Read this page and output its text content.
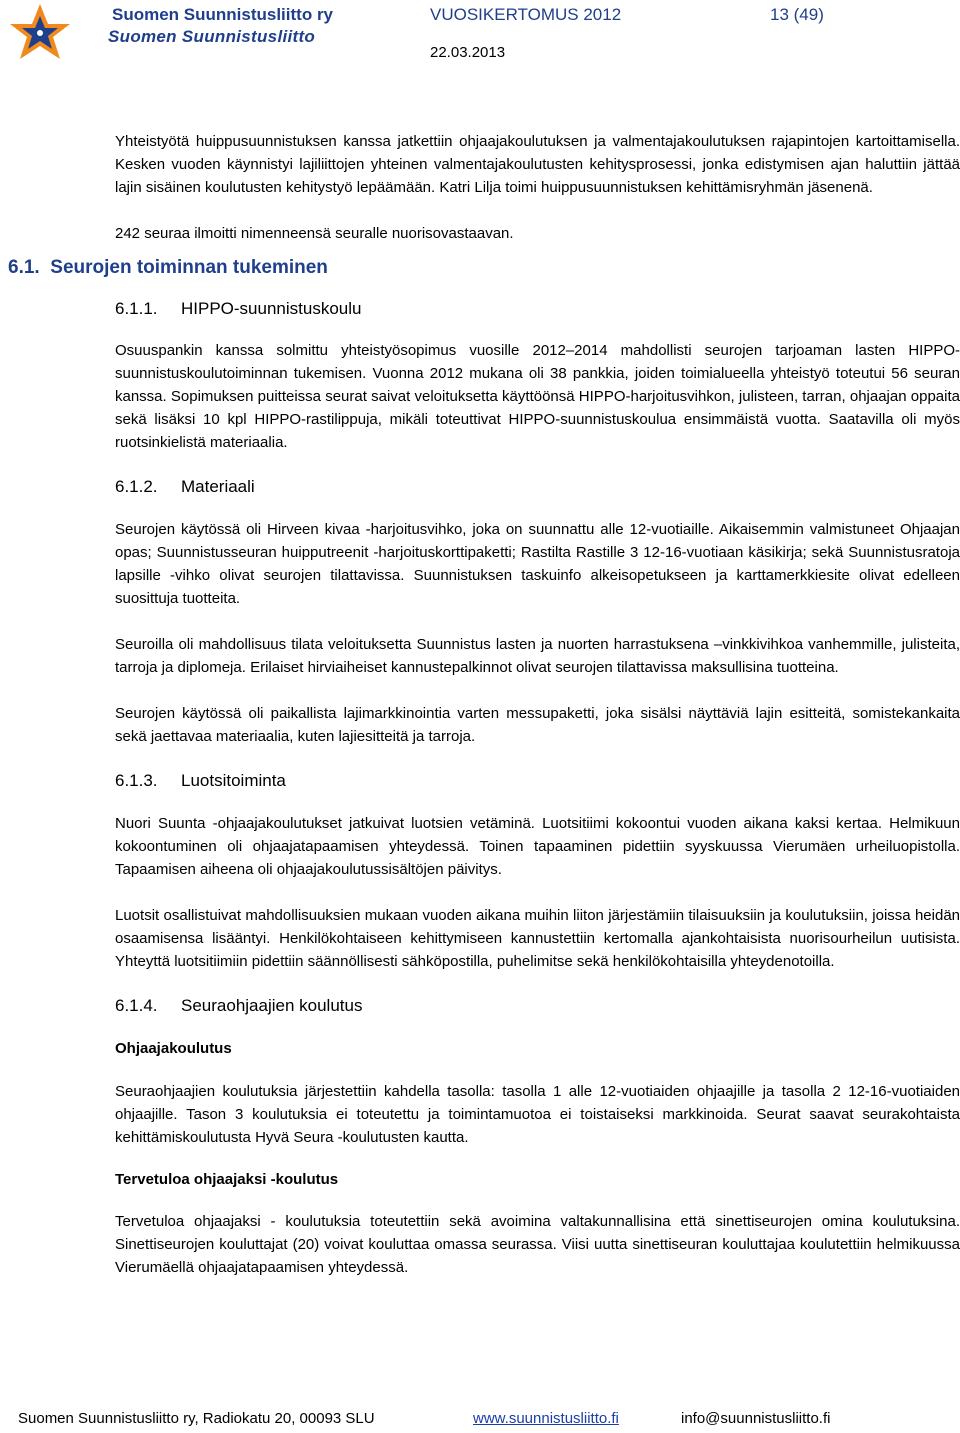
Suomen Suunnistusliitto ry
Suomen Suunnistusliitto
VUOSIKERTOMUS 2012	13 (49)
22.03.2013

Yhteistyötä huippusuunnistuksen kanssa jatkettiin ohjaajakoulutuksen ja valmentajakoulutuksen rajapintojen kartoittamisella. Kesken vuoden käynnistyi lajiliittojen yhteinen valmentajakoulutusten kehitysprosessi, jonka edistymisen ajan haluttiin jättää lajin sisäinen koulutusten kehitystyö lepäämään. Katri Lilja toimi huippusuunnistuksen kehittämisryhmän jäsenenä.

242 seuraa ilmoitti nimenneensä seuralle nuorisovastaavan.

6.1. Seurojen toiminnan tukeminen
6.1.1. HIPPO-suunnistuskoulu

Osuuspankin kanssa solmittu yhteistyösopimus vuosille 2012–2014 mahdollisti seurojen tarjoaman lasten HIPPO-suunnistuskoulutoiminnan tukemisen. Vuonna 2012 mukana oli 38 pankkia, joiden toimialueella yhteistyö toteutui 56 seuran kanssa. Sopimuksen puitteissa seurat saivat veloituksetta käyttöönsä HIPPO-harjoitusvihkon, julisteen, tarran, ohjaajan oppaita sekä lisäksi 10 kpl HIPPO-rastilippuja, mikäli toteuttivat HIPPO-suunnistuskoulua ensimmäistä vuotta. Saatavilla oli myös ruotsinkielistä materiaalia.

6.1.2. Materiaali

Seurojen käytössä oli Hirveen kivaa -harjoitusvihko, joka on suunnattu alle 12-vuotiaille. Aikaisemmin valmistuneet Ohjaajan opas; Suunnistusseuran huipputreenit -harjoituskorttipaketti; Rastilta Rastille 3 12-16-vuotiaan käsikirja; sekä Suunnistusratoja lapsille -vihko olivat seurojen tilattavissa. Suunnistuksen taskuinfo alkeisopetukseen ja karttamerkkiesite olivat edelleen suosittuja tuotteita.

Seuroilla oli mahdollisuus tilata veloituksetta Suunnistus lasten ja nuorten harrastuksena –vinkkivihkoa vanhemmille, julisteita, tarroja ja diplomeja. Erilaiset hirviaiheiset kannustepalkinnot olivat seurojen tilattavissa maksullisina tuotteina.

Seurojen käytössä oli paikallista lajimarkkinointia varten messupaketti, joka sisälsi näyttäviä lajin esitteitä, somistekankaita sekä jaettavaa materiaalia, kuten lajiesitteitä ja tarroja.

6.1.3. Luotsitoiminta

Nuori Suunta -ohjaajakoulutukset jatkuivat luotsien vetäminä. Luotsitiimi kokoontui vuoden aikana kaksi kertaa. Helmikuun kokoontuminen oli ohjaajatapaamisen yhteydessä. Toinen tapaaminen pidettiin syyskuussa Vierumäen urheiluopistolla. Tapaamisen aiheena oli ohjaajakoulutussisältöjen päivitys.

Luotsit osallistuivat mahdollisuuksien mukaan vuoden aikana muihin liiton järjestämiin tilaisuuksiin ja koulutuksiin, joissa heidän osaamisensa lisääntyi. Henkilökohtaiseen kehittymiseen kannustettiin kertomalla ajankohtaisista nuorisourheilun uutisista. Yhteyttä luotsitiimiin pidettiin säännöllisesti sähköpostilla, puhelimitse sekä henkilökohtaisilla yhteydenotoilla.

6.1.4. Seuraohjaajien koulutus

Ohjaajakoulutus

Seuraohjaajien koulutuksia järjestettiin kahdella tasolla: tasolla 1 alle 12-vuotiaiden ohjaajille ja tasolla 2 12-16-vuotiaiden ohjaajille. Tason 3 koulutuksia ei toteutettu ja toimintamuotoa ei toistaiseksi markkinoida. Seurat saavat seurakohtaista kehittämiskoulutusta Hyvä Seura -koulutusten kautta.

Tervetuloa ohjaajaksi -koulutus

Tervetuloa ohjaajaksi - koulutuksia toteutettiin sekä avoimina valtakunnallisina että sinettiseurojen omina koulutuksina. Sinettiseurojen kouluttajat (20) voivat kouluttaa omassa seurassa. Viisi uutta sinettiseuran kouluttajaa koulutettiin helmikuussa Vierumäellä ohjaajatapaamisen yhteydessä.

Suomen Suunnistusliitto ry, Radiokatu 20, 00093 SLU	www.suunnistusliitto.fi	info@suunnistusliitto.fi
